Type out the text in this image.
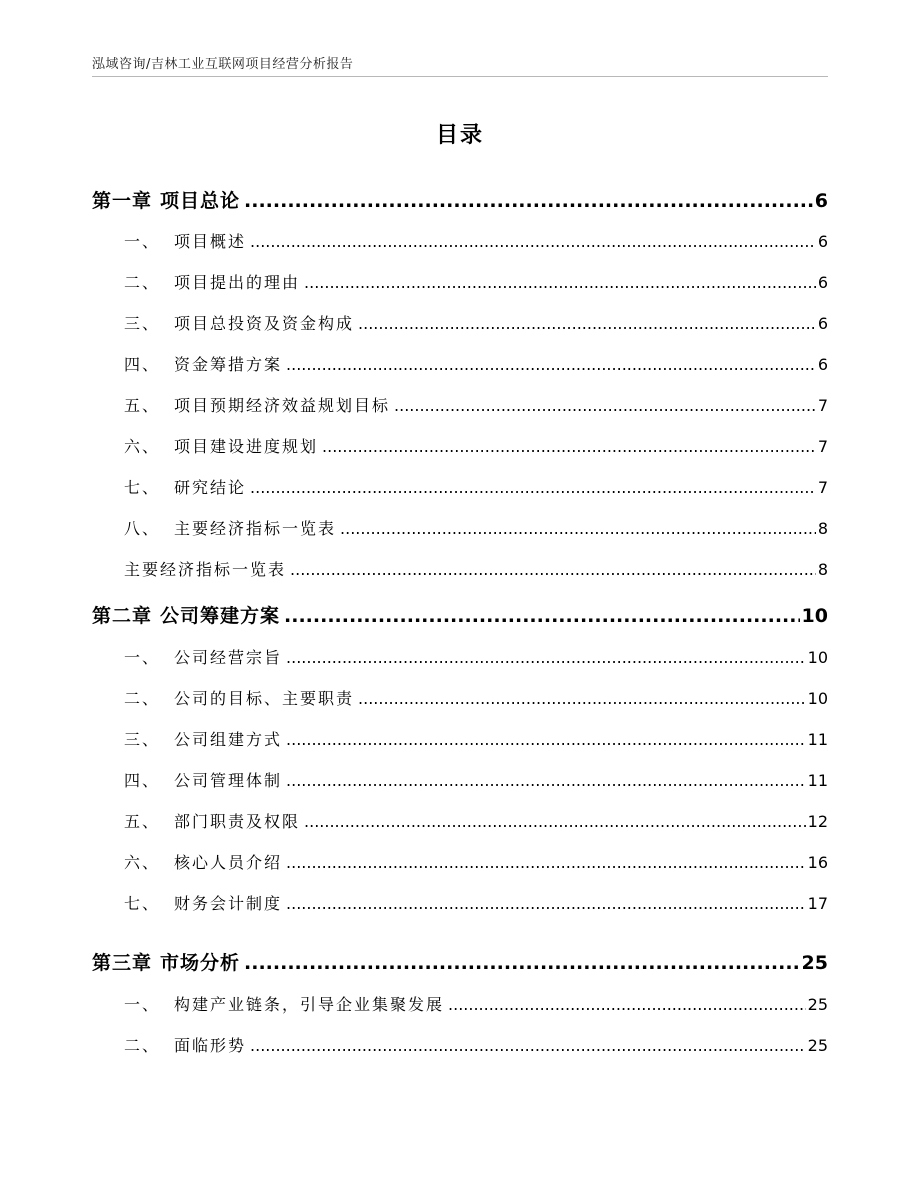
泓域咨询/吉林工业互联网项目经营分析报告
目录
第一章 项目总论 .....	6
一、 项目概述 .....	6
二、 项目提出的理由 .....	6
三、 项目总投资及资金构成 .....	6
四、 资金筹措方案 .....	6
五、 项目预期经济效益规划目标 .....	7
六、 项目建设进度规划 .....	7
七、 研究结论 .....	7
八、 主要经济指标一览表 .....	8
主要经济指标一览表 .....	8
第二章 公司筹建方案 .....	10
一、 公司经营宗旨 .....	10
二、 公司的目标、主要职责 .....	10
三、 公司组建方式 .....	11
四、 公司管理体制 .....	11
五、 部门职责及权限 .....	12
六、 核心人员介绍 .....	16
七、 财务会计制度 .....	17
第三章 市场分析 .....	25
一、 构建产业链条，引导企业集聚发展 .....	25
二、 面临形势 .....	25
